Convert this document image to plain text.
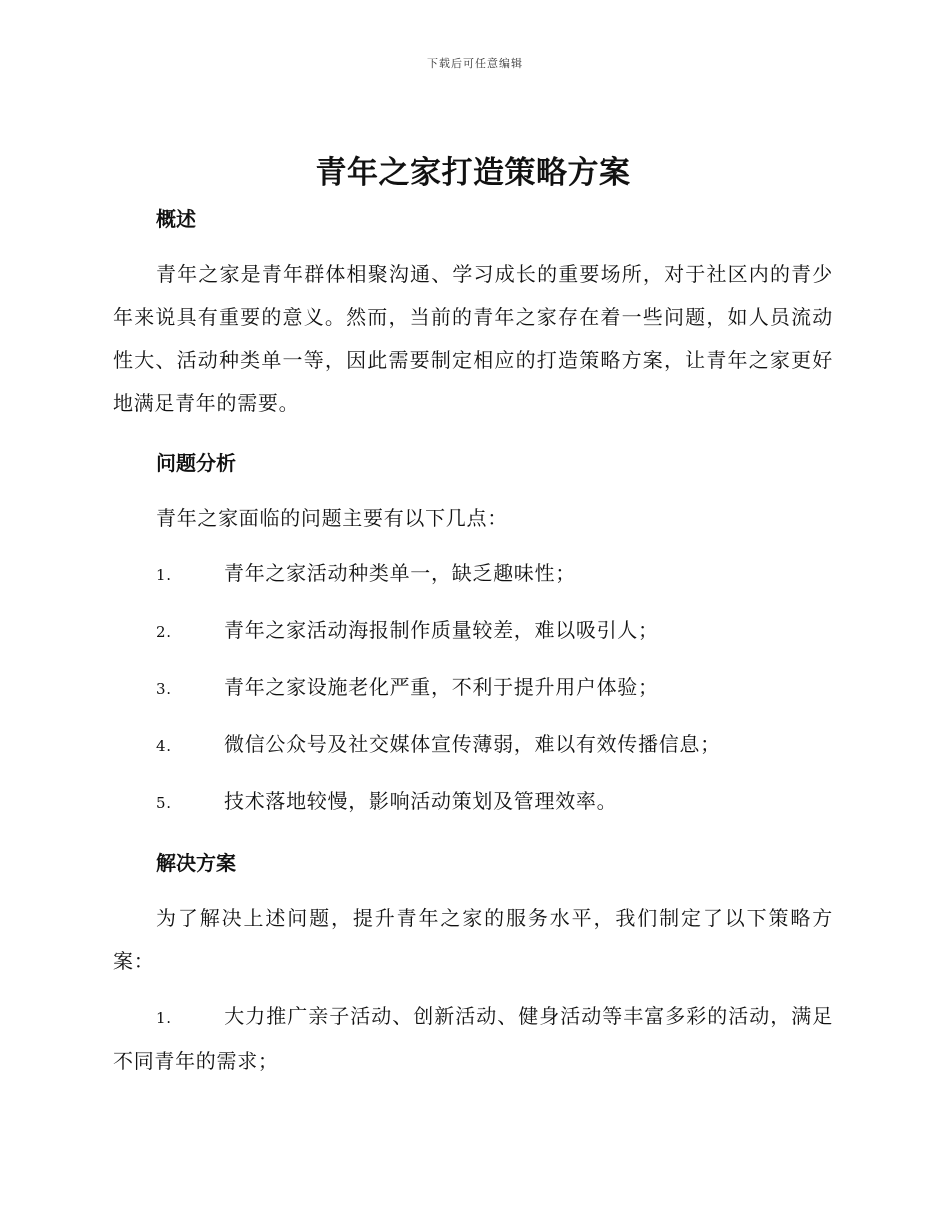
下载后可任意编辑
青年之家打造策略方案
概述

青年之家是青年群体相聚沟通、学习成长的重要场所，对于社区内的青少年来说具有重要的意义。然而，当前的青年之家存在着一些问题，如人员流动性大、活动种类单一等，因此需要制定相应的打造策略方案，让青年之家更好地满足青年的需要。

问题分析

青年之家面临的问题主要有以下几点：

1.	青年之家活动种类单一，缺乏趣味性；

2.	青年之家活动海报制作质量较差，难以吸引人；

3.	青年之家设施老化严重，不利于提升用户体验；

4.	微信公众号及社交媒体宣传薄弱，难以有效传播信息；

5.	技术落地较慢，影响活动策划及管理效率。

解决方案

为了解决上述问题，提升青年之家的服务水平，我们制定了以下策略方案：

1.	大力推广亲子活动、创新活动、健身活动等丰富多彩的活动，满足不同青年的需求；
